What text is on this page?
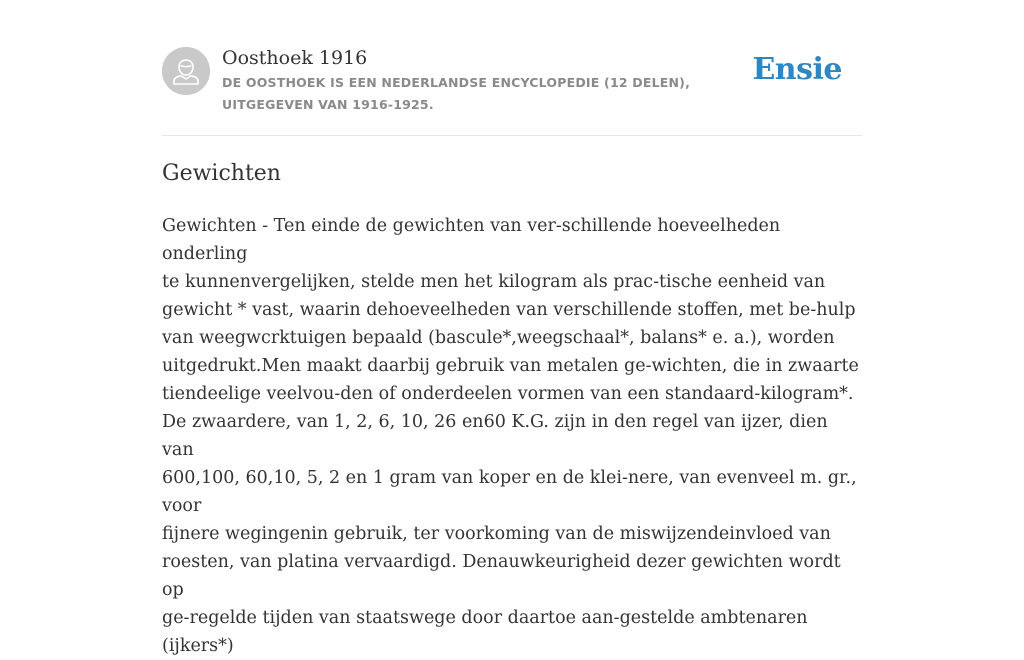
Oosthoek 1916
DE OOSTHOEK IS EEN NEDERLANDSE ENCYCLOPEDIE (12 DELEN), UITGEGEVEN VAN 1916-1925.
Ensie
Gewichten

Gewichten - Ten einde de gewichten van ver-schillende hoeveelheden onderling
te kunnenvergelijken, stelde men het kilogram als prac-tische eenheid van
gewicht * vast, waarin dehoeveelheden van verschillende stoffen, met be-hulp
van weegwcrktuigen bepaald (bascule*,weegschaal*, balans* e. a.), worden
uitgedrukt.Men maakt daarbij gebruik van metalen ge-wichten, die in zwaarte
tiendeelige veelvou-den of onderdeelen vormen van een standaard-kilogram*.
De zwaardere, van 1, 2, 6, 10, 26 en60 K.G. zijn in den regel van ijzer, dien van
600,100, 60,10, 5, 2 en 1 gram van koper en de klei-nere, van evenveel m. gr., voor
fijnere wegingenin gebruik, ter voorkoming van de miswijzendeinvloed van
roesten, van platina vervaardigd. Denauwkeurigheid dezer gewichten wordt op
ge-regelde tijden van staatswege door daartoe aan-gestelde ambtenaren (ijkers*)
